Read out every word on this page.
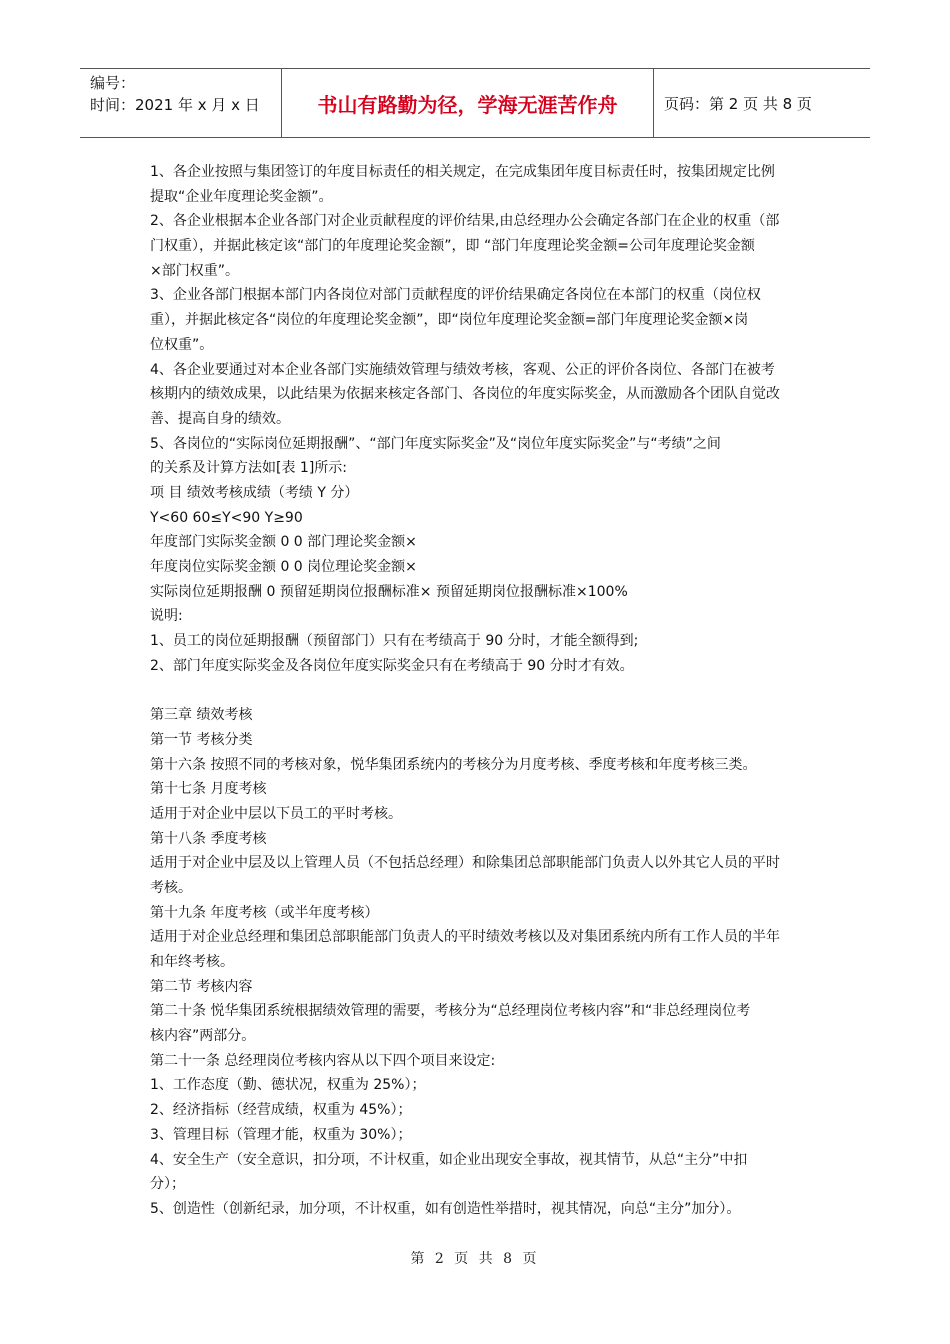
编号：
时间：2021 年 x 月 x 日	书山有路勤为径，学海无涯苦作舟	页码：第 2 页 共 8 页
1、各企业按照与集团签订的年度目标责任的相关规定，在完成集团年度目标责任时，按集团规定比例
提取“企业年度理论奖金额”。
2、各企业根据本企业各部门对企业贡献程度的评价结果,由总经理办公会确定各部门在企业的权重（部
门权重），并据此核定该“部门的年度理论奖金额”，即 “部门年度理论奖金额=公司年度理论奖金额
×部门权重”。
3、企业各部门根据本部门内各岗位对部门贡献程度的评价结果确定各岗位在本部门的权重（岗位权
重），并据此核定各“岗位的年度理论奖金额”，即“岗位年度理论奖金额=部门年度理论奖金额×岗
位权重”。
4、各企业要通过对本企业各部门实施绩效管理与绩效考核，客观、公正的评价各岗位、各部门在被考
核期内的绩效成果，以此结果为依据来核定各部门、各岗位的年度实际奖金，从而激励各个团队自觉改
善、提高自身的绩效。
5、各岗位的“实际岗位延期报酬”、“部门年度实际奖金”及“岗位年度实际奖金”与“考绩”之间
的关系及计算方法如[表 1]所示:
项 目 绩效考核成绩（考绩 Y 分）
Y<60 60≤Y<90 Y≥90
年度部门实际奖金额 0 0 部门理论奖金额×
年度岗位实际奖金额 0 0 岗位理论奖金额×
实际岗位延期报酬 0 预留延期岗位报酬标准× 预留延期岗位报酬标准×100%
说明:
1、员工的岗位延期报酬（预留部门）只有在考绩高于 90 分时，才能全额得到;
2、部门年度实际奖金及各岗位年度实际奖金只有在考绩高于 90 分时才有效。
第三章 绩效考核
第一节 考核分类
第十六条 按照不同的考核对象，悦华集团系统内的考核分为月度考核、季度考核和年度考核三类。
第十七条 月度考核
适用于对企业中层以下员工的平时考核。
第十八条 季度考核
适用于对企业中层及以上管理人员（不包括总经理）和除集团总部职能部门负责人以外其它人员的平时
考核。
第十九条 年度考核（或半年度考核）
适用于对企业总经理和集团总部职能部门负责人的平时绩效考核以及对集团系统内所有工作人员的半年
和年终考核。
第二节 考核内容
第二十条 悦华集团系统根据绩效管理的需要，考核分为“总经理岗位考核内容”和“非总经理岗位考
核内容”两部分。
第二十一条 总经理岗位考核内容从以下四个项目来设定:
1、工作态度（勤、德状况，权重为 25%）；
2、经济指标（经营成绩，权重为 45%）；
3、管理目标（管理才能，权重为 30%）；
4、安全生产（安全意识，扣分项，不计权重，如企业出现安全事故，视其情节，从总“主分”中扣
分）；
5、创造性（创新纪录，加分项，不计权重，如有创造性举措时，视其情况，向总“主分”加分）。
第 2 页 共 8 页
